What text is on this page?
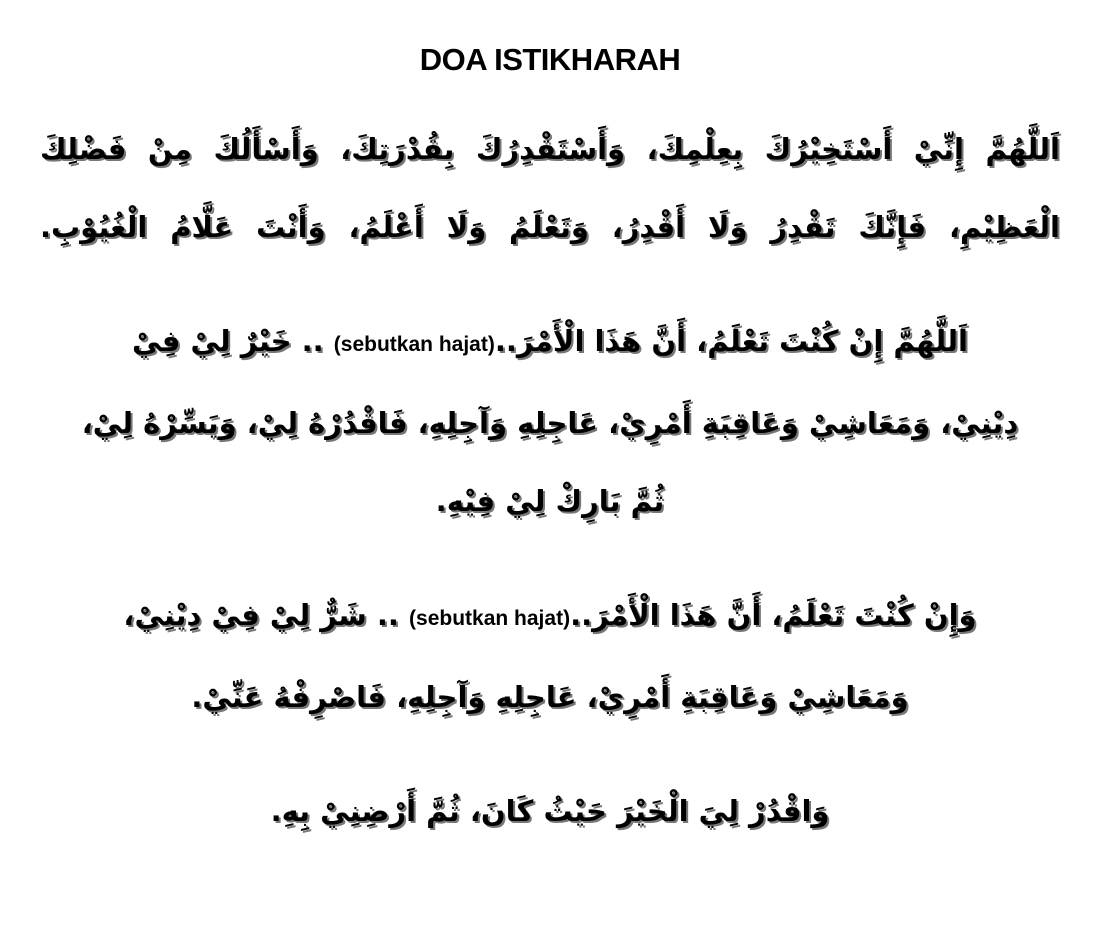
DOA ISTIKHARAH
اَللَّهُمَّ إِنِّيْ أَسْتَخِيْرُكَ بِعِلْمِكَ، وَأَسْتَقْدِرُكَ بِقُدْرَتِكَ، وَأَسْأَلُكَ مِنْ فَضْلِكَ
الْعَظِيْمِ، فَإِنَّكَ تَقْدِرُ وَلَا أَقْدِرُ، وَتَعْلَمُ وَلَا أَعْلَمُ، وَأَنْتَ عَلَّامُ الْغُيُوْبِ.
اَللَّهُمَّ إِنْ كُنْتَ تَعْلَمُ، أَنَّ هَذَا الْأَمْرَ..(sebutkan hajat) .. خَيْرٌ لِيْ فِيْ
دِيْنِيْ، وَمَعَاشِيْ وَعَاقِبَةِ أَمْرِيْ، عَاجِلِهِ وَآجِلِهِ، فَاقْدُرْهُ لِيْ، وَيَسِّرْهُ لِيْ،
ثُمَّ بَارِكْ لِيْ فِيْهِ.
وَإِنْ كُنْتَ تَعْلَمُ، أَنَّ هَذَا الْأَمْرَ..(sebutkan hajat) .. شَرٌّ لِيْ فِيْ دِيْنِيْ،
وَمَعَاشِيْ وَعَاقِبَةِ أَمْرِيْ، عَاجِلِهِ وَآجِلِهِ، فَاصْرِفْهُ عَنِّيْ.
وَاقْدُرْ لِيَ الْخَيْرَ حَيْثُ كَانَ، ثُمَّ أَرْضِنِيْ بِهِ.
